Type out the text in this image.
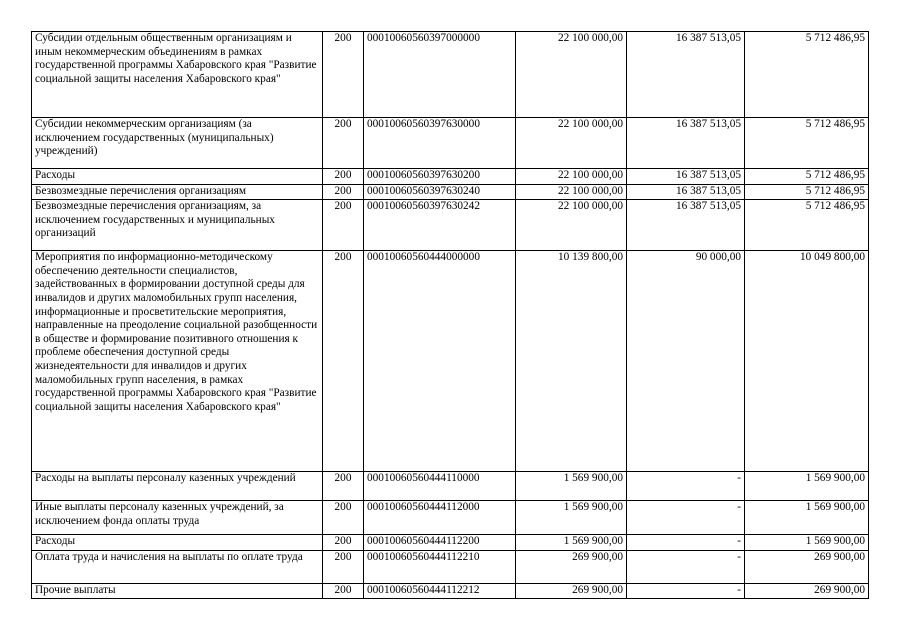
Субсидии отдельным общественным организациям и иным некоммерческим объединениям в рамках государственной программы Хабаровского края "Развитие социальной защиты населения Хабаровского края"	200	00010060560397000000	22 100 000,00	16 387 513,05	5 712 486,95
Субсидии некоммерческим организациям (за исключением государственных (муниципальных) учреждений)	200	00010060560397630000	22 100 000,00	16 387 513,05	5 712 486,95
Расходы	200	00010060560397630200	22 100 000,00	16 387 513,05	5 712 486,95
Безвозмездные перечисления организациям	200	00010060560397630240	22 100 000,00	16 387 513,05	5 712 486,95
Безвозмездные перечисления организациям, за исключением государственных и муниципальных организаций	200	00010060560397630242	22 100 000,00	16 387 513,05	5 712 486,95
Мероприятия по информационно-методическому обеспечению деятельности специалистов, задействованных в формировании доступной среды для инвалидов и других маломобильных групп населения, информационные и просветительские мероприятия, направленные на преодоление социальной разобщенности в обществе и формирование позитивного отношения к проблеме обеспечения доступной среды жизнедеятельности для инвалидов и других маломобильных групп населения, в рамках государственной программы Хабаровского края "Развитие социальной защиты населения Хабаровского края"	200	00010060560444000000	10 139 800,00	90 000,00	10 049 800,00
Расходы на выплаты персоналу казенных учреждений	200	00010060560444110000	1 569 900,00	-	1 569 900,00
Иные выплаты персоналу казенных учреждений, за исключением фонда оплаты труда	200	00010060560444112000	1 569 900,00	-	1 569 900,00
Расходы	200	00010060560444112200	1 569 900,00	-	1 569 900,00
Оплата труда и начисления на выплаты по оплате труда	200	00010060560444112210	269 900,00	-	269 900,00
Прочие выплаты	200	00010060560444112212	269 900,00	-	269 900,00
